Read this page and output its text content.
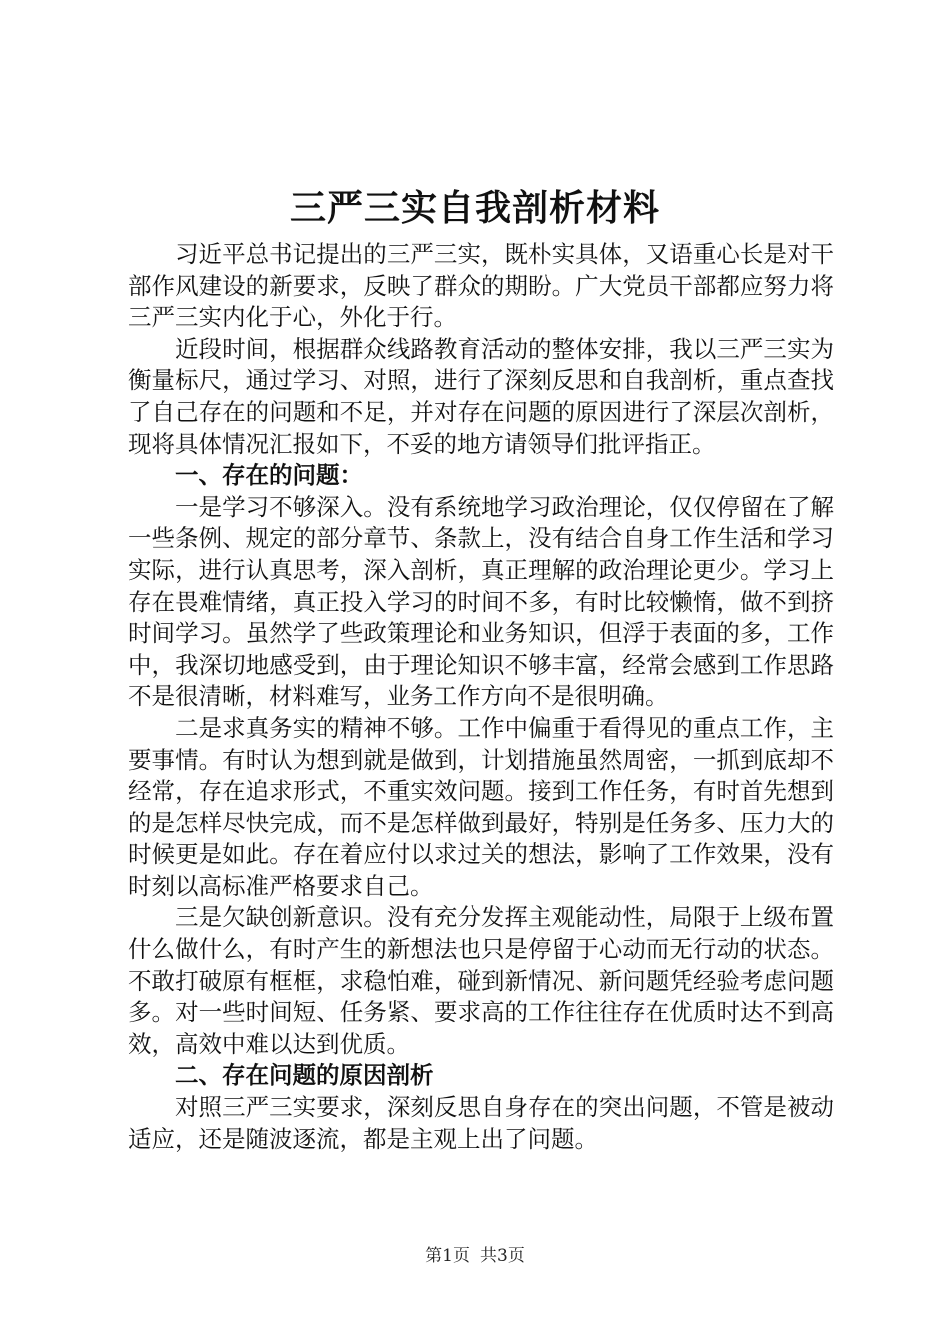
三严三实自我剖析材料

习近平总书记提出的三严三实，既朴实具体，又语重心长是对干部作风建设的新要求，反映了群众的期盼。广大党员干部都应努力将三严三实内化于心，外化于行。

近段时间，根据群众线路教育活动的整体安排，我以三严三实为衡量标尺，通过学习、对照，进行了深刻反思和自我剖析，重点查找了自己存在的问题和不足，并对存在问题的原因进行了深层次剖析，现将具体情况汇报如下，不妥的地方请领导们批评指正。

一、存在的问题：

一是学习不够深入。没有系统地学习政治理论，仅仅停留在了解一些条例、规定的部分章节、条款上，没有结合自身工作生活和学习实际，进行认真思考，深入剖析，真正理解的政治理论更少。学习上存在畏难情绪，真正投入学习的时间不多，有时比较懒惰，做不到挤时间学习。虽然学了些政策理论和业务知识，但浮于表面的多，工作中，我深切地感受到，由于理论知识不够丰富，经常会感到工作思路不是很清晰，材料难写，业务工作方向不是很明确。

二是求真务实的精神不够。工作中偏重于看得见的重点工作，主要事情。有时认为想到就是做到，计划措施虽然周密，一抓到底却不经常，存在追求形式，不重实效问题。接到工作任务，有时首先想到的是怎样尽快完成，而不是怎样做到最好，特别是任务多、压力大的时候更是如此。存在着应付以求过关的想法，影响了工作效果，没有时刻以高标准严格要求自己。

三是欠缺创新意识。没有充分发挥主观能动性，局限于上级布置什么做什么，有时产生的新想法也只是停留于心动而无行动的状态。不敢打破原有框框，求稳怕难，碰到新情况、新问题凭经验考虑问题多。对一些时间短、任务紧、要求高的工作往往存在优质时达不到高效，高效中难以达到优质。

二、存在问题的原因剖析

对照三严三实要求，深刻反思自身存在的突出问题，不管是被动适应，还是随波逐流，都是主观上出了问题。

第1页 共3页
